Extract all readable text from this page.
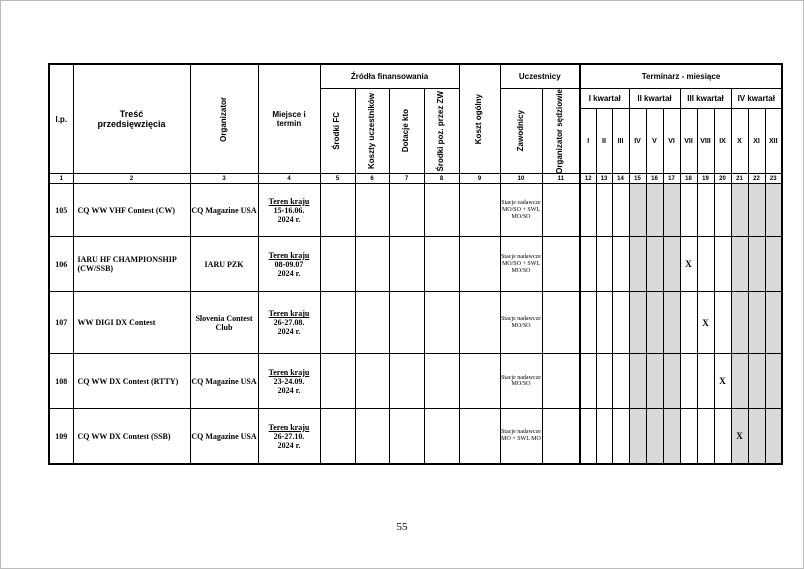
l.p.	Treść przedsięwzięcia	Organizator	Miejsce i termin	Źródła finansowania				Koszt ogólny	Uczestnicy		Terminarz - miesiące											

				Środki FC	Koszty uczestników	Dotacje kto	Środki poz. przez ZW		Zawodnicy	Organizator sędziowie	I kwartał			II kwartał			III kwartał			IV kwartał		
											I	II	III	IV	V	VI	VII	VIII	IX	X	XI	XII
1	2	3	4	5	6	7	8	9	10	11	12	13	14	15	16	17	18	19	20	21	22	23
105	CQ WW VHF Contest (CW)	CQ Magazine USA	Teren kraju
15-16.06.
2024 r.						Stacje zadawcze MO/SO + SWL MO/SO													
106	IARU HF CHAMPIONSHIP (CW/SSB)	IARU PZK	Teren kraju
08-09.07
2024 r.						Stacje nadawcze MO/SO + SWL MO/SO								X					
107	WW DIGI DX Contest	Slovenia Contest Club	Teren kraju
26-27.08.
2024 r.						Stacje nadawcze MO/SO									X				
108	CQ WW DX Contest (RTTY)	CQ Magazine USA	Teren kraju
23-24.09.
2024 r.						Stacje nadawcze MO/SO										X			
109	CQ WW DX Contest (SSB)	CQ Magazine USA	Teren kraju
26-27.10.
2024 r.						Stacje nadawcze MO + SWL MO											X		
55
